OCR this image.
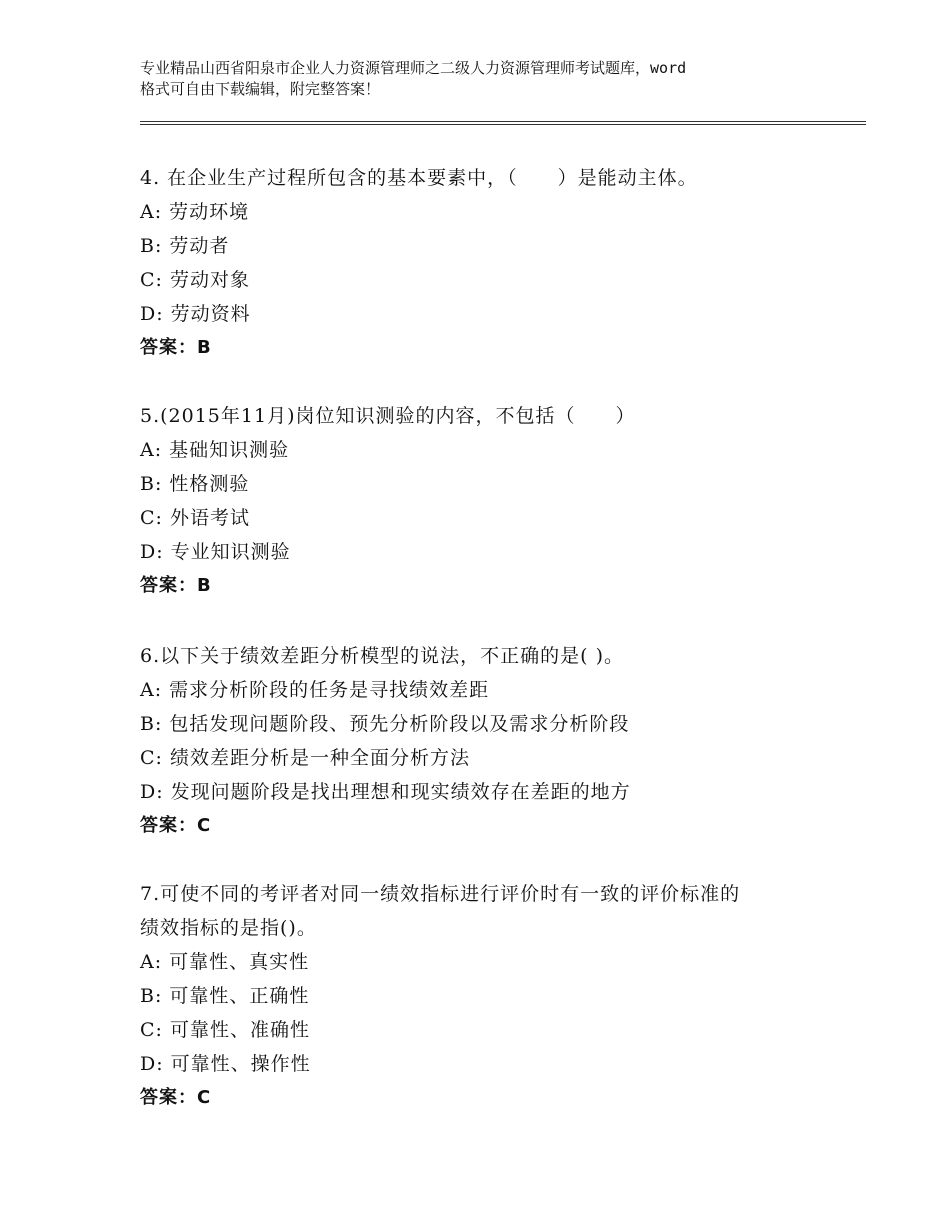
专业精品山西省阳泉市企业人力资源管理师之二级人力资源管理师考试题库，word
格式可自由下载编辑，附完整答案！
4. 在企业生产过程所包含的基本要素中，（　　）是能动主体。
A: 劳动环境
B: 劳动者
C: 劳动对象
D: 劳动资料
答案：B
5.(2015年11月)岗位知识测验的内容，不包括（　　）
A: 基础知识测验
B: 性格测验
C: 外语考试
D: 专业知识测验
答案：B
6.以下关于绩效差距分析模型的说法，不正确的是( )。
A: 需求分析阶段的任务是寻找绩效差距
B: 包括发现问题阶段、预先分析阶段以及需求分析阶段
C: 绩效差距分析是一种全面分析方法
D: 发现问题阶段是找出理想和现实绩效存在差距的地方
答案：C
7.可使不同的考评者对同一绩效指标进行评价时有一致的评价标准的
绩效指标的是指()。
A: 可靠性、真实性
B: 可靠性、正确性
C: 可靠性、准确性
D: 可靠性、操作性
答案：C
